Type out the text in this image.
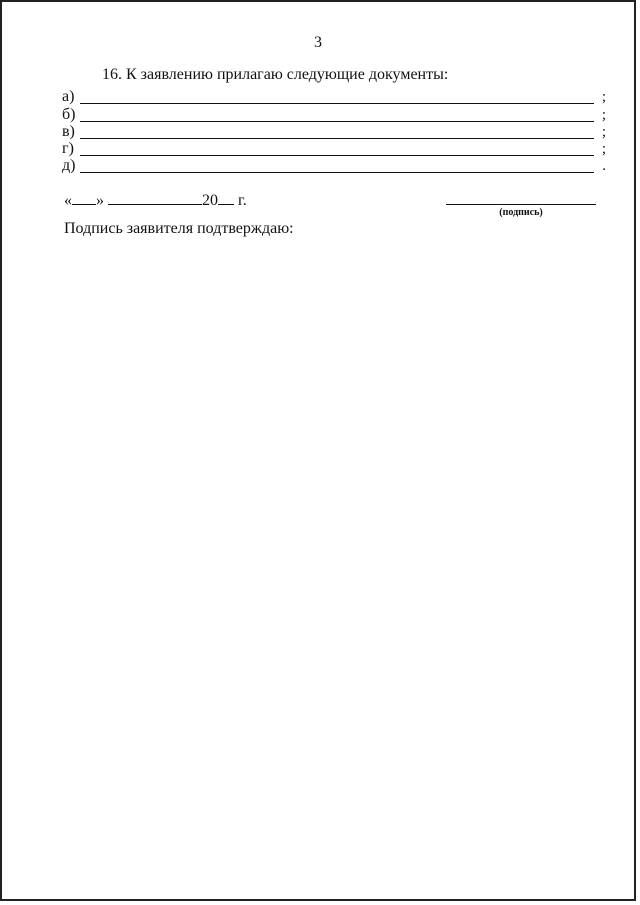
3
16. К заявлению прилагаю следующие документы:
а)	;
б)	;
в)	;
г)	;
д)	.
« »	20 г.
(подпись)
Подпись заявителя подтверждаю:
